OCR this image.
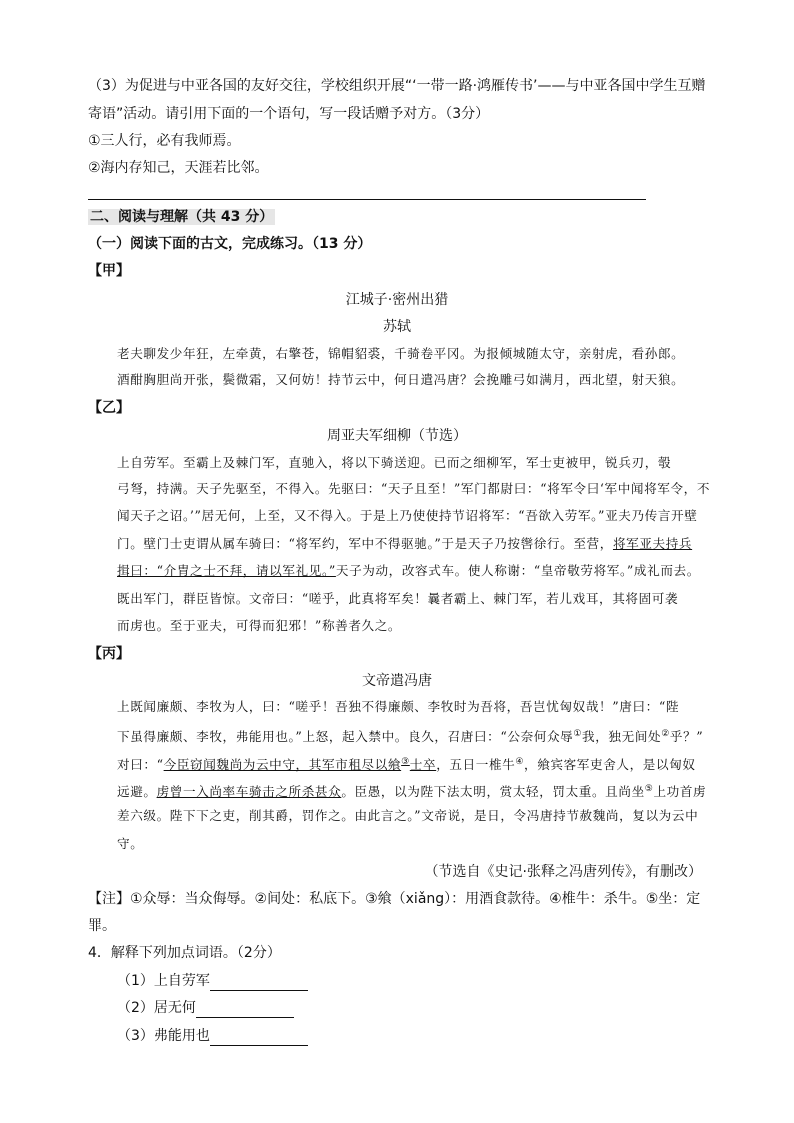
（3）为促进与中亚各国的友好交往，学校组织开展“‘一带一路·鸿雁传书’——与中亚各国中学生互赠
寄语”活动。请引用下面的一个语句，写一段话赠予对方。（3分）
①三人行，必有我师焉。
②海内存知己，天涯若比邻。
二、阅读与理解（共 43 分）
（一）阅读下面的古文，完成练习。（13 分）
【甲】
江城子·密州出猎
苏轼
老夫聊发少年狂，左牵黄，右擎苍，锦帽貂裘，千骑卷平冈。为报倾城随太守，亲射虎，看孙郎。
酒酣胸胆尚开张，鬓微霜，又何妨！持节云中，何日遣冯唐？会挽雕弓如满月，西北望，射天狼。
【乙】
周亚夫军细柳（节选）
上自劳军。至霸上及棘门军，直驰入，将以下骑送迎。已而之细柳军，军士吏被甲，锐兵刃，彀
弓弩，持满。天子先驱至，不得入。先驱曰：“天子且至！”军门都尉曰：“将军令曰‘军中闻将军令，不
闻天子之诏。’”居无何，上至，又不得入。于是上乃使使持节诏将军：“吾欲入劳军。”亚夫乃传言开壁
门。壁门士吏谓从属车骑曰：“将军约，军中不得驱驰。”于是天子乃按辔徐行。至营，将军亚夫持兵
揖曰：“介胄之士不拜，请以军礼见。”天子为动，改容式车。使人称谢：“皇帝敬劳将军。”成礼而去。
既出军门，群臣皆惊。文帝曰：“嗟乎，此真将军矣！曩者霸上、棘门军，若儿戏耳，其将固可袭
而虏也。至于亚夫，可得而犯邪！”称善者久之。
【丙】
文帝遣冯唐
上既闻廉颇、李牧为人，曰：“嗟乎！吾独不得廉颇、李牧时为吾将，吾岂忧匈奴哉！”唐曰：“陛
下虽得廉颇、李牧，弗能用也。”上怒，起入禁中。良久，召唐曰：“公奈何众辱①我，独无间处②乎？”
对曰：“今臣窃闻魏尚为云中守，其军市租尽以飨③士卒，五日一椎牛④，飨宾客军吏舍人，是以匈奴
远避。虏曾一入尚率车骑击之所杀甚众。臣愚，以为陛下法太明，赏太轻，罚太重。且尚坐⑤上功首虏
差六级。陛下下之吏，削其爵，罚作之。由此言之。”文帝说，是日，令冯唐持节赦魏尚，复以为云中
守。
（节选自《史记·张释之冯唐列传》，有删改）
【注】①众辱：当众侮辱。②间处：私底下。③飨（xiǎng）：用酒食款待。④椎牛：杀牛。⑤坐：定
罪。
4．解释下列加点词语。（2分）
（1）上自劳军
（2）居无何
（3）弗能用也
